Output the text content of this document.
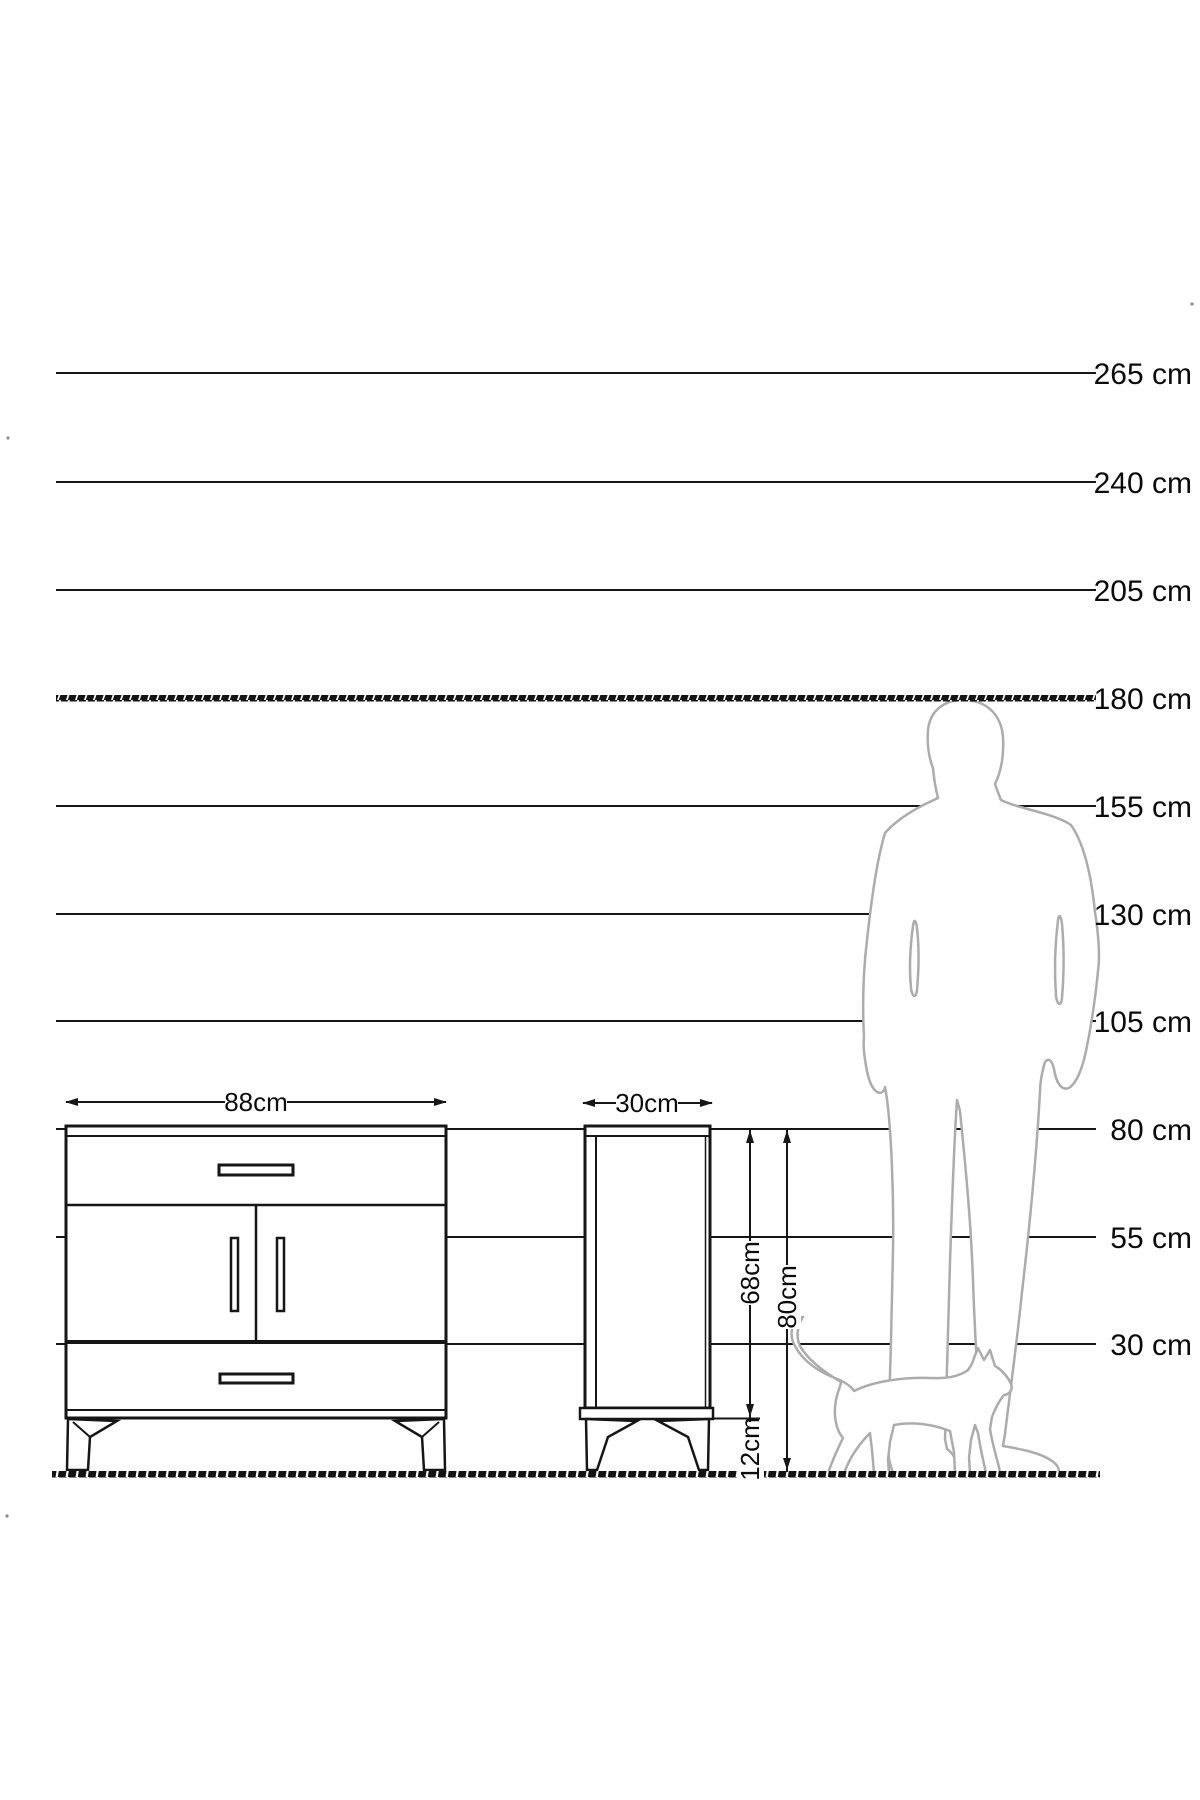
88cm	30cm
68cm
12cm
80cm
265 cm
240 cm
205 cm
180 cm
155 cm
130 cm
105 cm
80 cm
55 cm
30 cm
